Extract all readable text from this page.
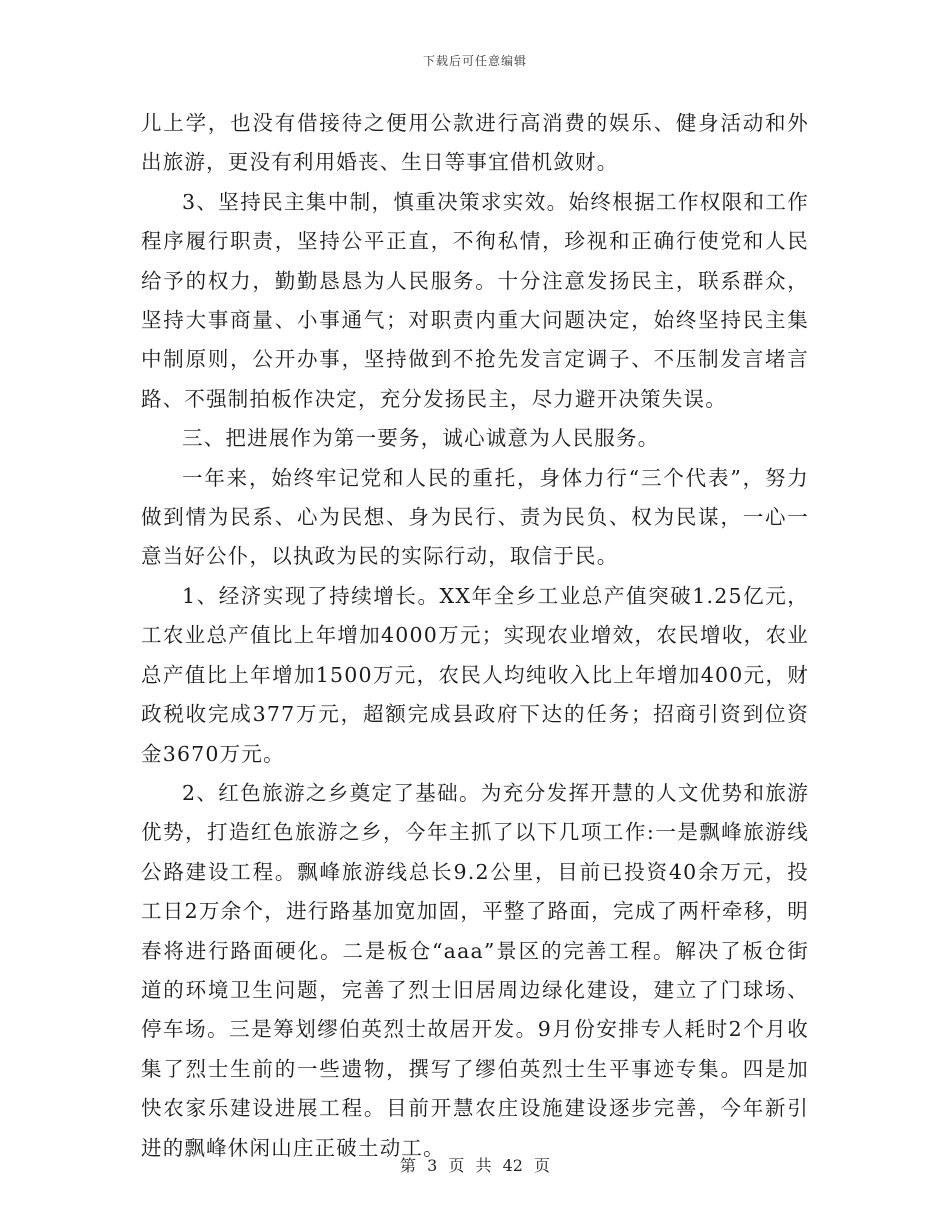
下载后可任意编辑

儿上学，也没有借接待之便用公款进行高消费的娱乐、健身活动和外出旅游，更没有利用婚丧、生日等事宜借机敛财。

3、坚持民主集中制，慎重决策求实效。始终根据工作权限和工作程序履行职责，坚持公平正直，不徇私情，珍视和正确行使党和人民给予的权力，勤勤恳恳为人民服务。十分注意发扬民主，联系群众，坚持大事商量、小事通气；对职责内重大问题决定，始终坚持民主集中制原则，公开办事，坚持做到不抢先发言定调子、不压制发言堵言路、不强制拍板作决定，充分发扬民主，尽力避开决策失误。

三、把进展作为第一要务，诚心诚意为人民服务。

一年来，始终牢记党和人民的重托，身体力行“三个代表”，努力做到情为民系、心为民想、身为民行、责为民负、权为民谋，一心一意当好公仆，以执政为民的实际行动，取信于民。

1、经济实现了持续增长。XX年全乡工业总产值突破1.25亿元，工农业总产值比上年增加4000万元；实现农业增效，农民增收，农业总产值比上年增加1500万元，农民人均纯收入比上年增加400元，财政税收完成377万元，超额完成县政府下达的任务；招商引资到位资金3670万元。

2、红色旅游之乡奠定了基础。为充分发挥开慧的人文优势和旅游优势，打造红色旅游之乡，今年主抓了以下几项工作:一是飘峰旅游线公路建设工程。飘峰旅游线总长9.2公里，目前已投资40余万元，投工日2万余个，进行路基加宽加固，平整了路面，完成了两杆牵移，明春将进行路面硬化。二是板仓“aaa”景区的完善工程。解决了板仓街道的环境卫生问题，完善了烈士旧居周边绿化建设，建立了门球场、停车场。三是筹划缪伯英烈士故居开发。9月份安排专人耗时2个月收集了烈士生前的一些遗物，撰写了缪伯英烈士生平事迹专集。四是加快农家乐建设进展工程。目前开慧农庄设施建设逐步完善，今年新引进的飘峰休闲山庄正破土动工。

第 3 页 共 42 页
